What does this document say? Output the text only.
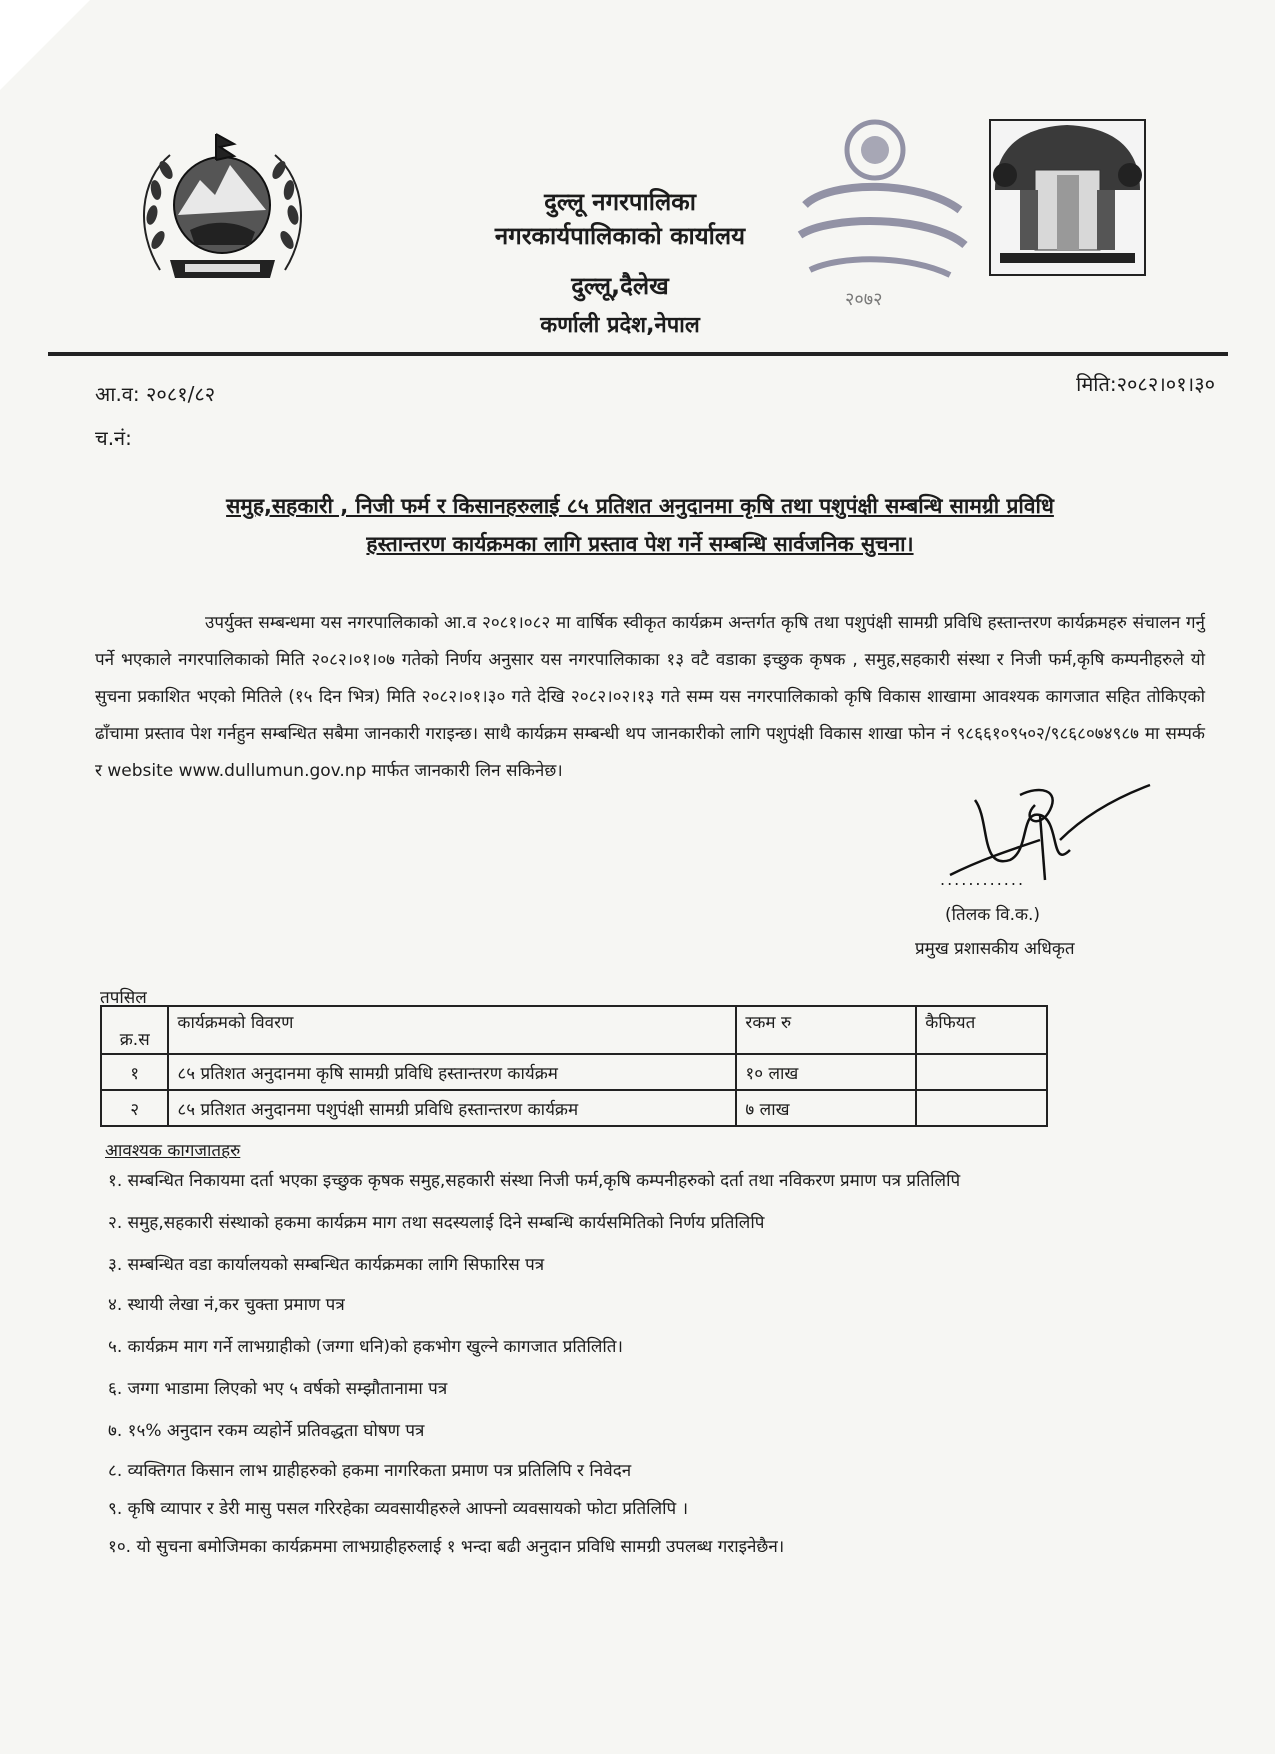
२०७२
दुल्लू नगरपालिका
नगरकार्यपालिकाको कार्यालय
दुल्लू,दैलेख
कर्णाली प्रदेश,नेपाल
आ.व: २०८१/८२
च.नं:
मिति:२०८२।०१।३०
समुह,सहकारी , निजी फर्म र किसानहरुलाई ८५ प्रतिशत अनुदानमा कृषि तथा पशुपंक्षी सम्बन्धि सामग्री प्रविधि
हस्तान्तरण कार्यक्रमका लागि प्रस्ताव पेश गर्ने सम्बन्धि सार्वजनिक सुचना।
उपर्युक्त सम्बन्धमा यस नगरपालिकाको आ.व २०८१।०८२ मा वार्षिक स्वीकृत कार्यक्रम अन्तर्गत कृषि तथा पशुपंक्षी सामग्री प्रविधि हस्तान्तरण कार्यक्रमहरु संचालन गर्नु पर्ने भएकाले नगरपालिकाको मिति २०८२।०१।०७ गतेको निर्णय अनुसार यस नगरपालिकाका १३ वटै वडाका इच्छुक कृषक , समुह,सहकारी संस्था र निजी फर्म,कृषि कम्पनीहरुले यो सुचना प्रकाशित भएको मितिले (१५ दिन भित्र) मिति २०८२।०१।३० गते देखि २०८२।०२।१३ गते सम्म यस नगरपालिकाको कृषि विकास शाखामा आवश्यक कागजात सहित तोकिएको ढाँचामा प्रस्ताव पेश गर्नहुन सम्बन्धित सबैमा जानकारी गराइन्छ। साथै कार्यक्रम सम्बन्धी थप जानकारीको लागि पशुपंक्षी विकास शाखा फोन नं ९८६६१०९५०२/९८६८०७४९८७ मा सम्पर्क र website www.dullumun.gov.np मार्फत जानकारी लिन सकिनेछ।
............
(तिलक वि.क.)
प्रमुख प्रशासकीय अधिकृत
तपसिल
क्र.स	कार्यक्रमको विवरण	रकम रु	कैफियत
१	८५ प्रतिशत अनुदानमा कृषि सामग्री प्रविधि हस्तान्तरण कार्यक्रम	१० लाख	
२	८५ प्रतिशत अनुदानमा पशुपंक्षी सामग्री प्रविधि हस्तान्तरण कार्यक्रम	७ लाख	
आवश्यक कागजातहरु
१. सम्बन्धित निकायमा दर्ता भएका इच्छुक कृषक समुह,सहकारी संस्था निजी फर्म,कृषि कम्पनीहरुको दर्ता तथा नविकरण प्रमाण पत्र प्रतिलिपि
२. समुह,सहकारी संस्थाको हकमा कार्यक्रम माग तथा सदस्यलाई दिने सम्बन्धि कार्यसमितिको निर्णय प्रतिलिपि
३. सम्बन्धित वडा कार्यालयको सम्बन्धित कार्यक्रमका लागि सिफारिस पत्र
४. स्थायी लेखा नं,कर चुक्ता प्रमाण पत्र
५. कार्यक्रम माग गर्ने लाभग्राहीको (जग्गा धनि)को हकभोग खुल्ने कागजात प्रतिलिति।
६. जग्गा भाडामा लिएको भए ५ वर्षको सम्झौतानामा पत्र
७. १५% अनुदान रकम व्यहोर्ने प्रतिवद्धता घोषण पत्र
८. व्यक्तिगत किसान लाभ ग्राहीहरुको हकमा नागरिकता प्रमाण पत्र प्रतिलिपि र निवेदन
९. कृषि व्यापार र डेरी मासु पसल गरिरहेका व्यवसायीहरुले आफ्नो व्यवसायको फोटा प्रतिलिपि ।
१०. यो सुचना बमोजिमका कार्यक्रममा लाभग्राहीहरुलाई १ भन्दा बढी अनुदान प्रविधि सामग्री उपलब्ध गराइनेछैन।
